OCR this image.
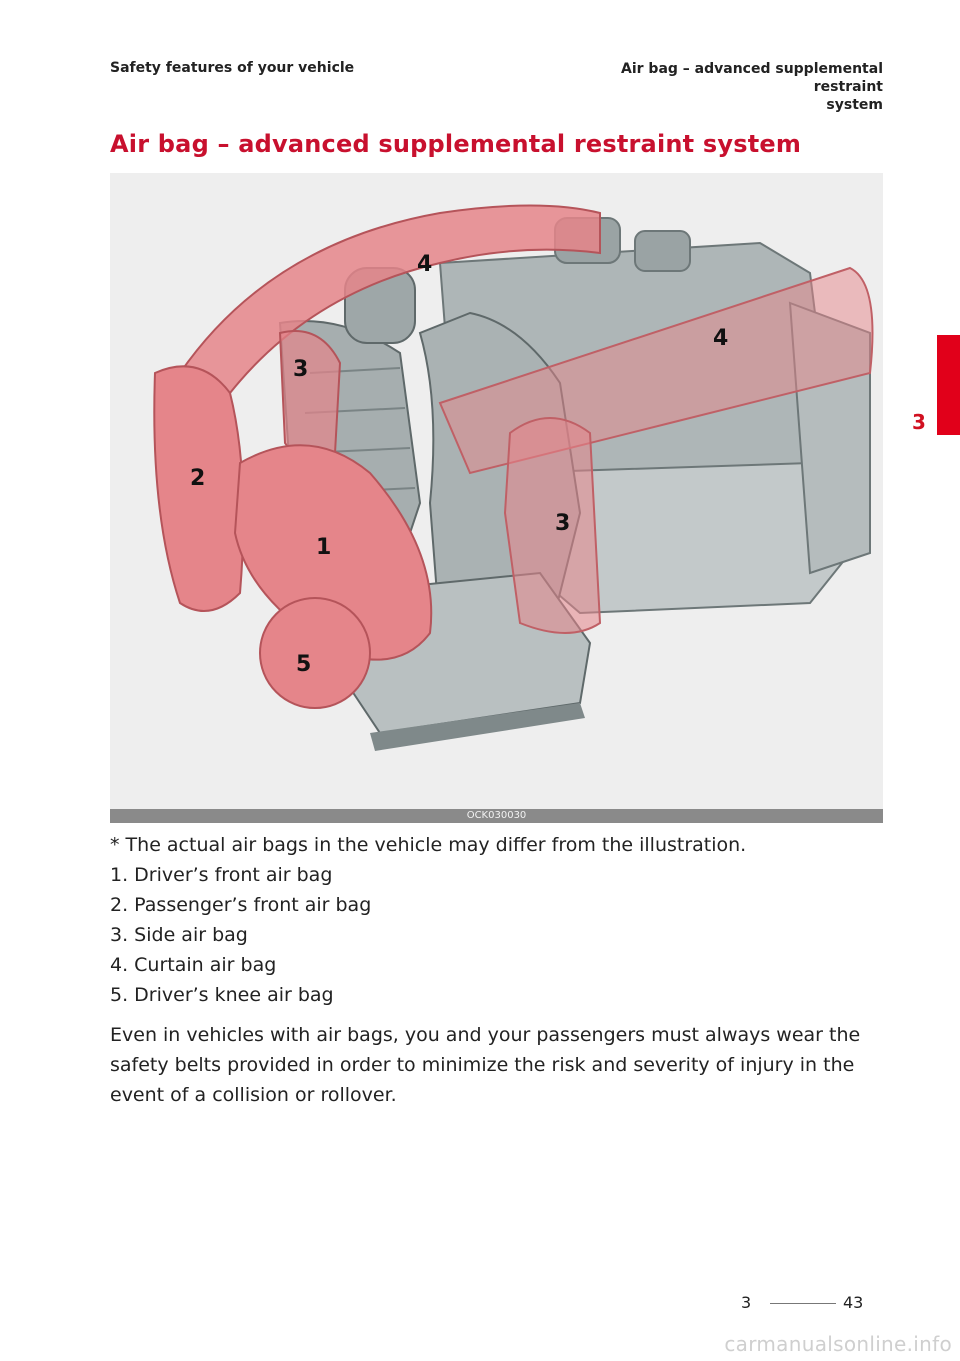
Safety features of your vehicle	Air bag – advanced supplemental restraint
system
Air bag – advanced supplemental restraint system
4
4
3
2
3
1
5
OCK030030

* The actual air bags in the vehicle may differ from the illustration.

1. Driver’s front air bag
2. Passenger’s front air bag
3. Side air bag
4. Curtain air bag
5. Driver’s knee air bag

Even in vehicles with air bags, you and your passengers must always wear the safety belts provided in order to minimize the risk and severity of injury in the event of a collision or rollover.

3
3	43
carmanualsonline.info
